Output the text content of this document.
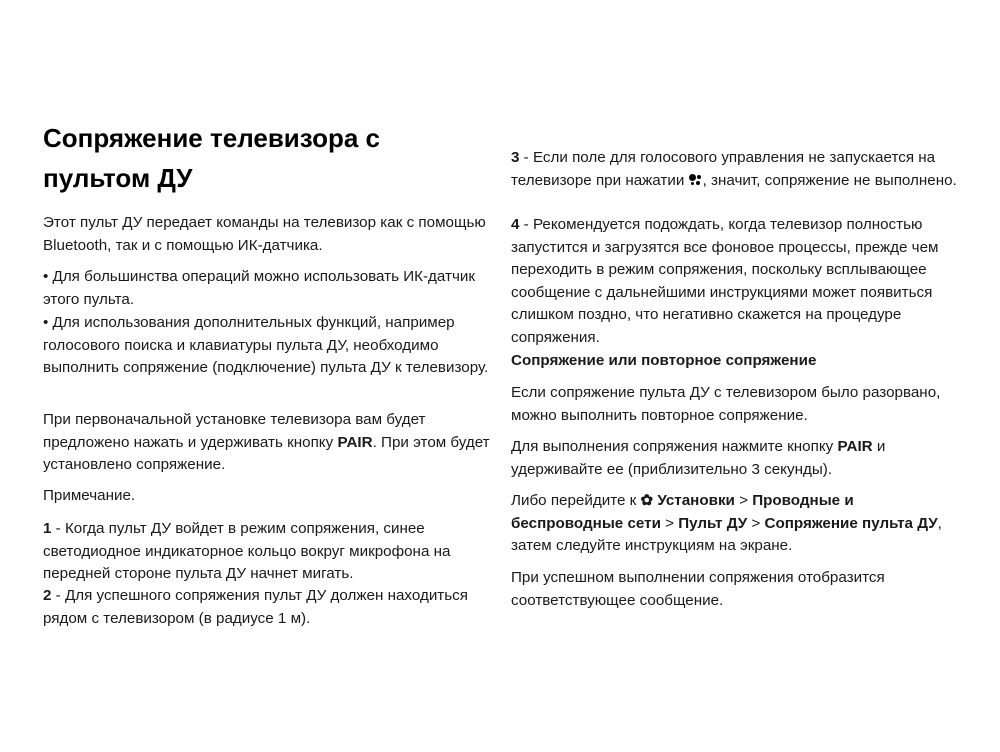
Сопряжение телевизора с пультом ДУ

Этот пульт ДУ передает команды на телевизор как с помощью Bluetooth, так и с помощью ИК-датчика.

• Для большинства операций можно использовать ИК-датчик этого пульта.

• Для использования дополнительных функций, например голосового поиска и клавиатуры пульта ДУ, необходимо выполнить сопряжение (подключение) пульта ДУ к телевизору.

При первоначальной установке телевизора вам будет предложено нажать и удерживать кнопку PAIR. При этом будет установлено сопряжение.

Примечание.

1 - Когда пульт ДУ войдет в режим сопряжения, синее светодиодное индикаторное кольцо вокруг микрофона на передней стороне пульта ДУ начнет мигать.

2 - Для успешного сопряжения пульт ДУ должен находиться рядом с телевизором (в радиусе 1 м).

3 - Если поле для голосового управления не запускается на телевизоре при нажатии
, значит, сопряжение не выполнено.

4 - Рекомендуется подождать, когда телевизор полностью запустится и загрузятся все фоновое процессы, прежде чем переходить в режим сопряжения, поскольку всплывающее сообщение с дальнейшими инструкциями может появиться слишком поздно, что негативно скажется на процедуре сопряжения.

Сопряжение или повторное сопряжение

Если сопряжение пульта ДУ с телевизором было разорвано, можно выполнить повторное сопряжение.

Для выполнения сопряжения нажмите кнопку PAIR и удерживайте ее (приблизительно 3 секунды).

Либо перейдите к ✿ Установки > Проводные и беспроводные сети > Пульт ДУ > Сопряжение пульта ДУ, затем следуйте инструкциям на экране.

При успешном выполнении сопряжения отобразится соответствующее сообщение.
